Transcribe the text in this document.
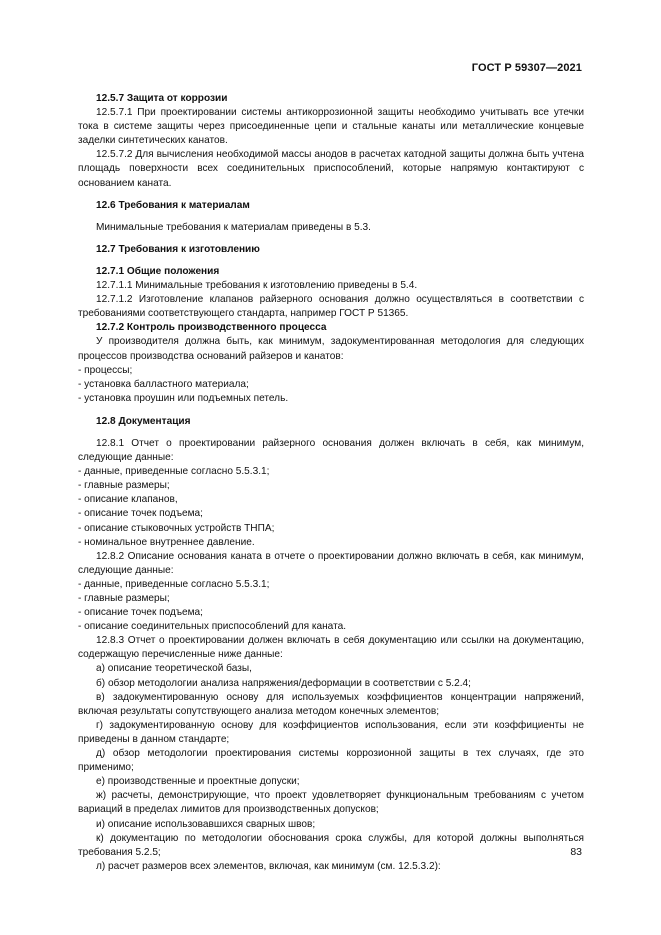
ГОСТ Р 59307—2021

12.5.7 Защита от коррозии

12.5.7.1 При проектировании системы антикоррозионной защиты необходимо учитывать все утечки тока в системе защиты через присоединенные цепи и стальные канаты или металлические концевые заделки синтетических канатов.

12.5.7.2 Для вычисления необходимой массы анодов в расчетах катодной защиты должна быть учтена площадь поверхности всех соединительных приспособлений, которые напрямую контактируют с основанием каната.

12.6 Требования к материалам

Минимальные требования к материалам приведены в 5.3.

12.7 Требования к изготовлению

12.7.1 Общие положения

12.7.1.1 Минимальные требования к изготовлению приведены в 5.4.

12.7.1.2 Изготовление клапанов райзерного основания должно осуществляться в соответствии с требованиями соответствующего стандарта, например ГОСТ Р 51365.

12.7.2 Контроль производственного процесса

У производителя должна быть, как минимум, задокументированная методология для следующих процессов производства оснований райзеров и канатов:

- процессы;

- установка балластного материала;

- установка проушин или подъемных петель.

12.8 Документация

12.8.1 Отчет о проектировании райзерного основания должен включать в себя, как минимум, следующие данные:

- данные, приведенные согласно 5.5.3.1;

- главные размеры;

- описание клапанов,

- описание точек подъема;

- описание стыковочных устройств ТНПА;

- номинальное внутреннее давление.

12.8.2 Описание основания каната в отчете о проектировании должно включать в себя, как минимум, следующие данные:

- данные, приведенные согласно 5.5.3.1;

- главные размеры;

- описание точек подъема;

- описание соединительных приспособлений для каната.

12.8.3 Отчет о проектировании должен включать в себя документацию или ссылки на документацию, содержащую перечисленные ниже данные:

а) описание теоретической базы,

б) обзор методологии анализа напряжения/деформации в соответствии с 5.2.4;

в) задокументированную основу для используемых коэффициентов концентрации напряжений, включая результаты сопутствующего анализа методом конечных элементов;

г) задокументированную основу для коэффициентов использования, если эти коэффициенты не приведены в данном стандарте;

д) обзор методологии проектирования системы коррозионной защиты в тех случаях, где это применимо;

е) производственные и проектные допуски;

ж) расчеты, демонстрирующие, что проект удовлетворяет функциональным требованиям с учетом вариаций в пределах лимитов для производственных допусков;

и) описание использовавшихся сварных швов;

к) документацию по методологии обоснования срока службы, для которой должны выполняться требования 5.2.5;

л) расчет размеров всех элементов, включая, как минимум (см. 12.5.3.2):

83
